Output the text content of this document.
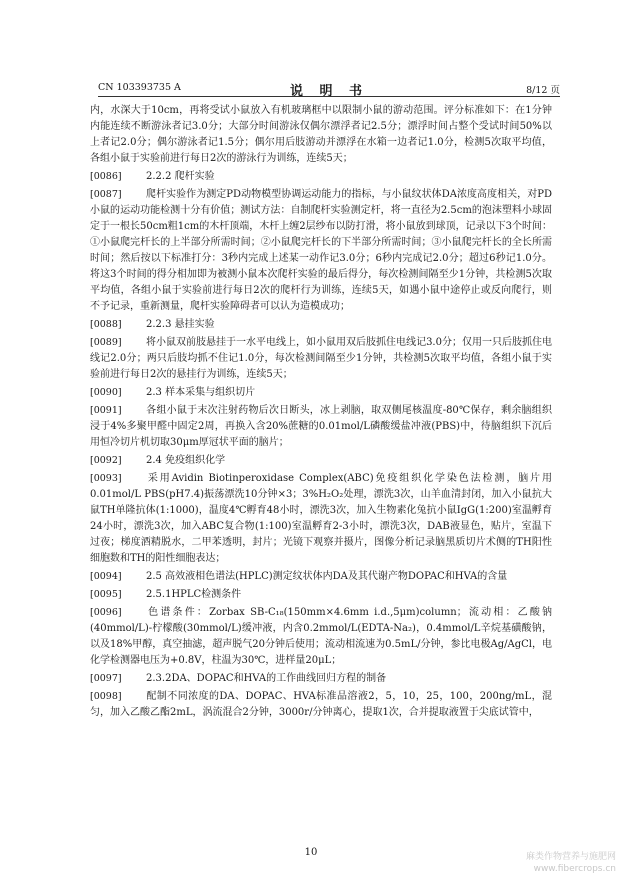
CN 103393735 A	说 明 书	8/12 页

内，水深大于10cm，再将受试小鼠放入有机玻璃框中以限制小鼠的游动范围。评分标准如下：在1分钟内能连续不断游泳者记3.0分；大部分时间游泳仅偶尔漂浮者记2.5分；漂浮时间占整个受试时间50%以上者记2.0分；偶尔游泳者记1.5分；偶尔用后肢游动并漂浮在水箱一边者记1.0分，检测5次取平均值，各组小鼠于实验前进行每日2次的游泳行为训练，连续5天；

[0086] 2.2.2 爬杆实验

[0087] 爬杆实验作为测定PD动物模型协调运动能力的指标，与小鼠纹状体DA浓度高度相关，对PD小鼠的运动功能检测十分有价值；测试方法：自制爬杆实验测定杆，将一直径为2.5cm的泡沫塑料小球固定于一根长50cm粗1cm的木杆顶端，木杆上缠2层纱布以防打滑，将小鼠放到球顶，记录以下3个时间：①小鼠爬完杆长的上半部分所需时间；②小鼠爬完杆长的下半部分所需时间；③小鼠爬完杆长的全长所需时间；然后按以下标准打分：3秒内完成上述某一动作记3.0分；6秒内完成记2.0分；超过6秒记1.0分。将这3个时间的得分相加即为被测小鼠本次爬杆实验的最后得分，每次检测间隔至少1分钟，共检测5次取平均值，各组小鼠于实验前进行每日2次的爬杆行为训练，连续5天，如遇小鼠中途停止或反向爬行，则不予记录，重新测量，爬杆实验障碍者可以认为造模成功；

[0088] 2.2.3 悬挂实验

[0089] 将小鼠双前肢悬挂于一水平电线上，如小鼠用双后肢抓住电线记3.0分；仅用一只后肢抓住电线记2.0分；两只后肢均抓不住记1.0分，每次检测间隔至少1分钟，共检测5次取平均值，各组小鼠于实验前进行每日2次的悬挂行为训练，连续5天；

[0090] 2.3 样本采集与组织切片

[0091] 各组小鼠于末次注射药物后次日断头，冰上剥脑，取双侧尾核温度-80℃保存，剩余脑组织浸于4%多聚甲醛中固定2周，再换入含20%蔗糖的0.01mol/L磷酸缓盐冲液(PBS)中，待脑组织下沉后用恒冷切片机切取30μm厚冠状平面的脑片；

[0092] 2.4 免疫组织化学

[0093] 采用Avidin Biotinperoxidase Complex(ABC)免疫组织化学染色法检测，脑片用0.01mol/L PBS(pH7.4)振荡漂洗10分钟×3；3%H₂O₂处理，漂洗3次，山羊血清封闭，加入小鼠抗大鼠TH单隆抗体(1:1000)，温度4℃孵育48小时，漂洗3次，加入生物素化兔抗小鼠IgG(1:200)室温孵育24小时，漂洗3次，加入ABC复合物(1:100)室温孵育2-3小时，漂洗3次，DAB液显色，贴片，室温下过夜；梯度酒精脱水，二甲苯透明，封片；光镜下观察并摄片，图像分析记录脑黑质切片术侧的TH阳性细胞数和TH的阳性细胞表达；

[0094] 2.5 高效液相色谱法(HPLC)测定纹状体内DA及其代谢产物DOPAC和HVA的含量

[0095] 2.5.1HPLC检测条件

[0096] 色谱条件：Zorbax SB-C₁₈(150mm×4.6mm i.d.,5μm)column；流动相：乙酸钠(40mmol/L)-柠檬酸(30mmol/L)缓冲液，内含0.2mmol/L(EDTA-Na₂)，0.4mmol/L辛烷基磺酸钠，以及18%甲醇，真空抽滤，超声脱气20分钟后使用；流动相流速为0.5mL/分钟，参比电极Ag/AgCl，电化学检测器电压为+0.8V，柱温为30℃，进样量20μL；

[0097] 2.3.2DA、DOPAC和HVA的工作曲线回归方程的制备

[0098] 配制不同浓度的DA、DOPAC、HVA标准品溶液2，5，10，25，100，200ng/mL，混匀，加入乙酸乙酯2mL，涡流混合2分钟，3000r/分钟离心，提取1次，合并提取液置于尖底试管中，

10	麻类作物营养与施肥网
www.fibercrops.cn
